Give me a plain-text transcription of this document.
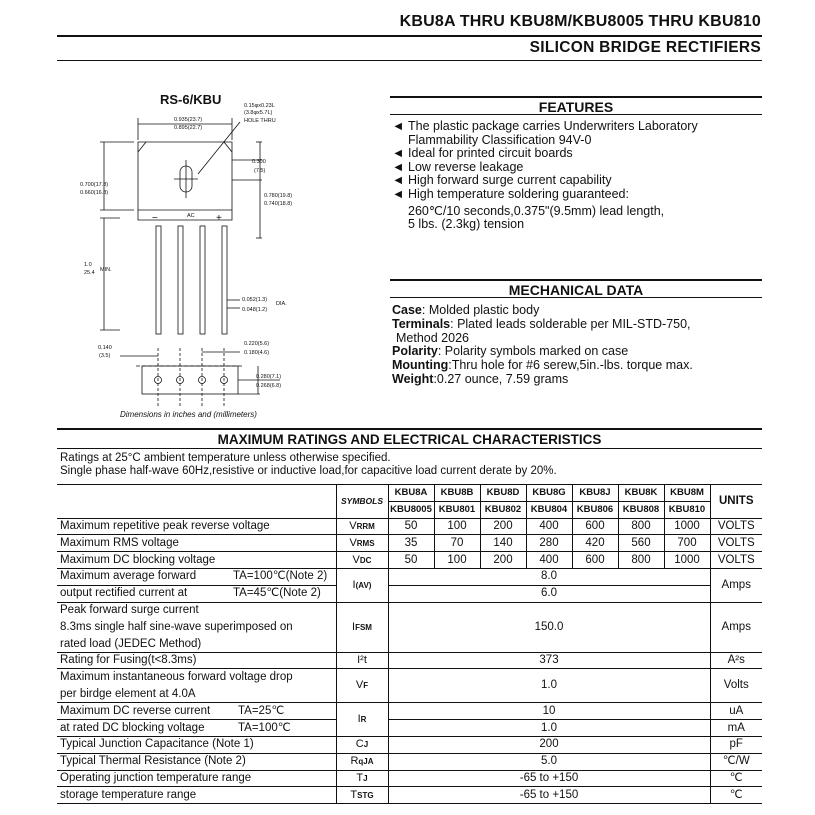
KBU8A THRU KBU8M/KBU8005 THRU KBU810
SILICON BRIDGE RECTIFIERS
RS-6/KBU
0.935(23.7)
0.895(22.7)
0.15φx0.23L
(3.8φx5.7L)
HOLE THRU
0.300
(7.5)
0.700(17.8)
0.660(16.8)	0.780(19.8)
0.740(18.8)
1.0
25.4 MIN.
0.052(1.3)
0.048(1.2)
DIA.
0.140
(3.5)
0.220(5.6)
0.180(4.6)
0.280(7.1)
0.268(6.8)
AC
−	+
Dimensions in inches and (millimeters)
FEATURES
◄ The plastic package carries Underwriters Laboratory
Flammability Classification 94V-0
◄ Ideal for printed circuit boards
◄ Low reverse leakage
◄ High forward surge current capability
◄ High temperature soldering guaranteed:
260℃/10 seconds,0.375"(9.5mm) lead length,
5 lbs. (2.3kg) tension
MECHANICAL DATA
Case: Molded plastic body
Terminals: Plated leads solderable per MIL-STD-750,
Method 2026
Polarity: Polarity symbols marked on case
Mounting:Thru hole for #6 serew,5in.-lbs. torque max.
Weight:0.27 ounce, 7.59 grams
MAXIMUM RATINGS AND ELECTRICAL CHARACTERISTICS
Ratings at 25°C ambient temperature unless otherwise specified.
Single phase half-wave 60Hz,resistive or inductive load,for capacitive load current derate by 20%.
	SYMBOLS	KBU8A	KBU8B	KBU8D	KBU8G	KBU8J	KBU8K	KBU8M	UNITS
		KBU8005	KBU801	KBU802	KBU804	KBU806	KBU808	KBU810	
Maximum repetitive peak reverse voltage	VRRM	50	100	200	400	600	800	1000	VOLTS
Maximum RMS voltage	VRMS	35	70	140	280	420	560	700	VOLTS
Maximum DC blocking voltage	VDC	50	100	200	400	600	800	1000	VOLTS
Maximum average forward TA=100℃(Note 2)	I(AV)	8.0							Amps
output rectified current at TA=45℃(Note 2)		6.0							

Peak forward surge current
8.3ms single half sine-wave superimposed on
rated load (JEDEC Method)	IFSM	150.0							Amps
Rating for Fusing(t<8.3ms)	I²t	373							A²s

Maximum instantaneous forward voltage drop
per birdge element at 4.0A	VF	1.0							Volts
Maximum DC reverse current TA=25℃	IR	10							uA
at rated DC blocking voltage TA=100℃		1.0							mA
Typical Junction Capacitance (Note 1)	CJ	200							pF
Typical Thermal Resistance (Note 2)	RqJA	5.0							℃/W
Operating junction temperature range	TJ	-65 to +150							℃
storage temperature range	TSTG	-65 to +150							℃
